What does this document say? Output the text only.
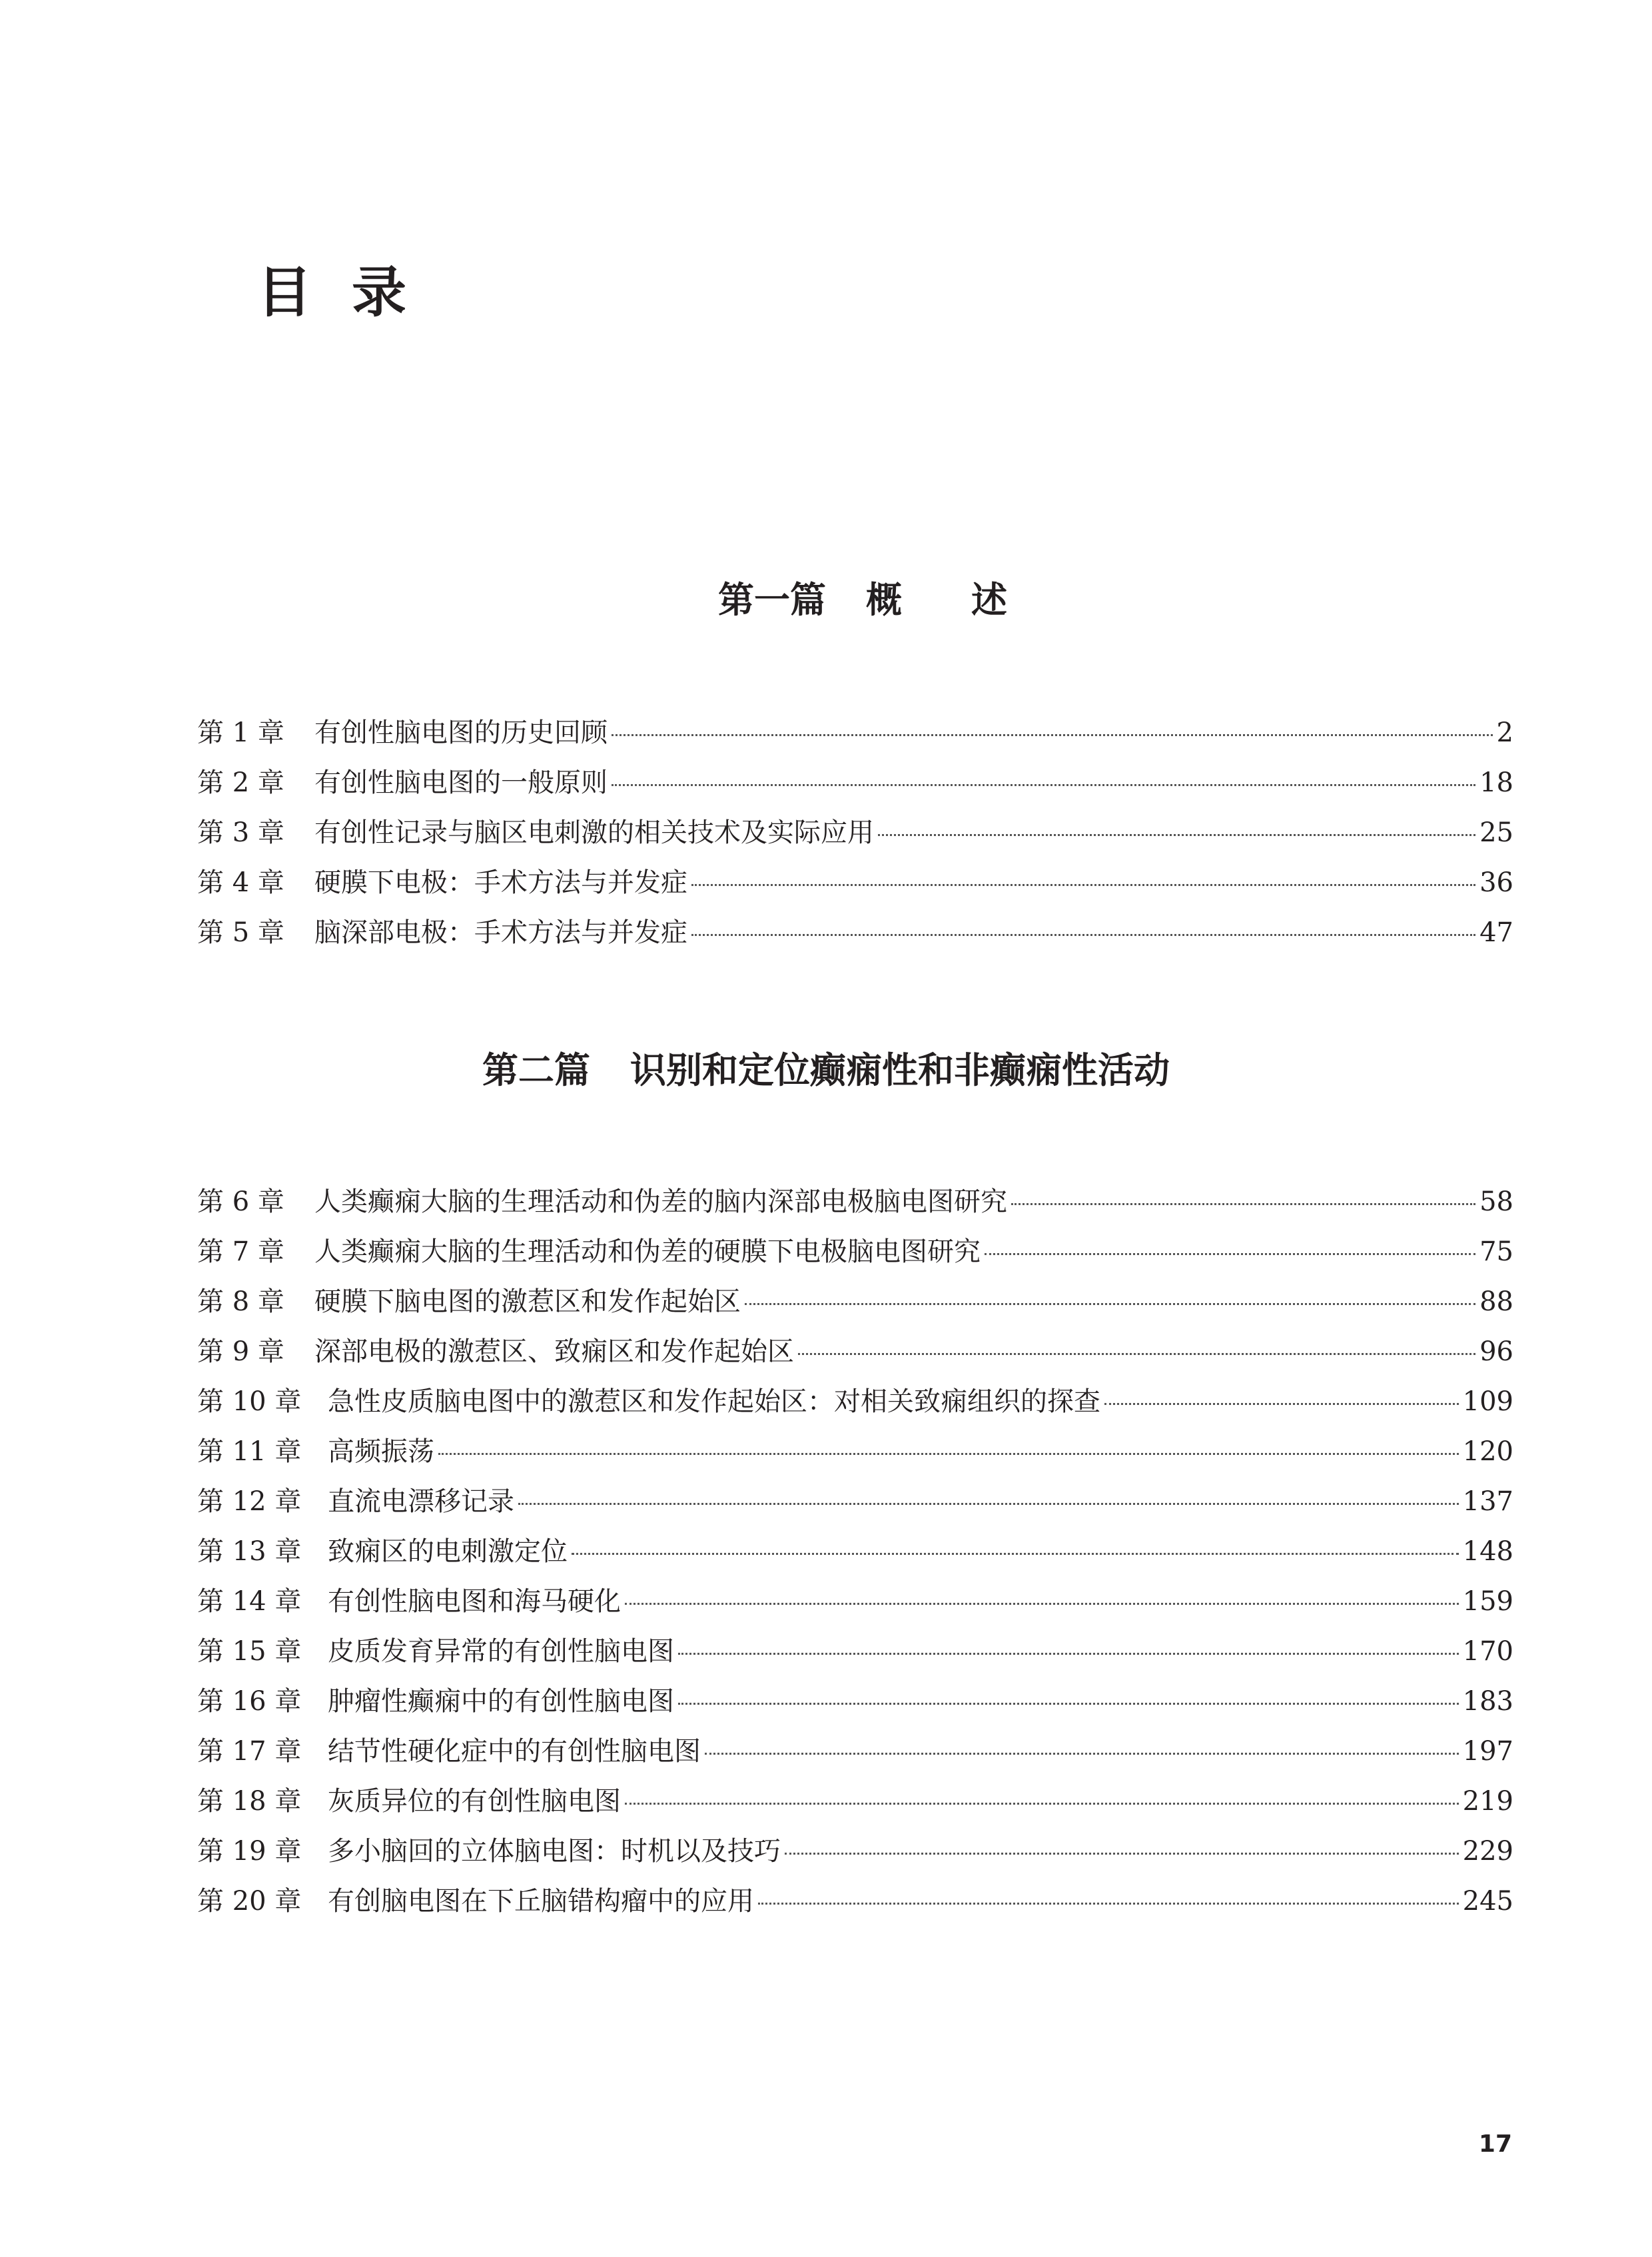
目录
第一篇 概述
第 1 章	有创性脑电图的历史回顾	2
第 2 章	有创性脑电图的一般原则	18
第 3 章	有创性记录与脑区电刺激的相关技术及实际应用	25
第 4 章	硬膜下电极：手术方法与并发症	36
第 5 章	脑深部电极：手术方法与并发症	47
第二篇 识别和定位癫痫性和非癫痫性活动
第 6 章	人类癫痫大脑的生理活动和伪差的脑内深部电极脑电图研究	58
第 7 章	人类癫痫大脑的生理活动和伪差的硬膜下电极脑电图研究	75
第 8 章	硬膜下脑电图的激惹区和发作起始区	88
第 9 章	深部电极的激惹区、致痫区和发作起始区	96
第 10 章 急性皮质脑电图中的激惹区和发作起始区：对相关致痫组织的探查	109
第 11 章 高频振荡	120
第 12 章 直流电漂移记录	137
第 13 章 致痫区的电刺激定位	148
第 14 章 有创性脑电图和海马硬化	159
第 15 章 皮质发育异常的有创性脑电图	170
第 16 章 肿瘤性癫痫中的有创性脑电图	183
第 17 章 结节性硬化症中的有创性脑电图	197
第 18 章 灰质异位的有创性脑电图	219
第 19 章 多小脑回的立体脑电图：时机以及技巧	229
第 20 章 有创脑电图在下丘脑错构瘤中的应用	245
17
